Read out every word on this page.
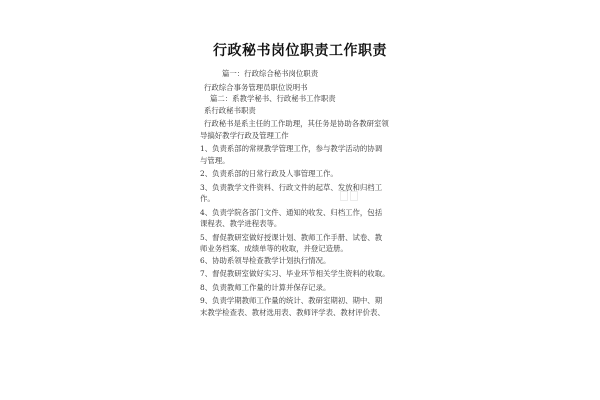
行政秘书岗位职责工作职责
篇一：行政综合秘书岗位职责
行政综合事务管理员职位说明书
篇二：系教学秘书、行政秘书工作职责
系行政秘书职责
行政秘书是系主任的工作助理，其任务是协助各教研室领
导搞好教学行政及管理工作
1、负责系部的常规教学管理工作，参与教学活动的协调
与管理。
2、负责系部的日常行政及人事管理工作。
3、负责教学文件资料、行政文件的起草、发放和归档工
作。
4、负责学院各部门文件、通知的收发、归档工作，包括
课程表、教学进程表等。
5、督促教研室做好授课计划、教师工作手册、试卷、教
师业务档案、成绩单等的收取，并登记造册。
6、协助系领导检查教学计划执行情况。
7、督促教研室做好实习、毕业环节相关学生资料的收取。
8、负责教师工作量的计算并保存记录。
9、负责学期教师工作量的统计、教研室期初、期中、期
末教学检查表、教材选用表、教师评学表、教材评价表、
